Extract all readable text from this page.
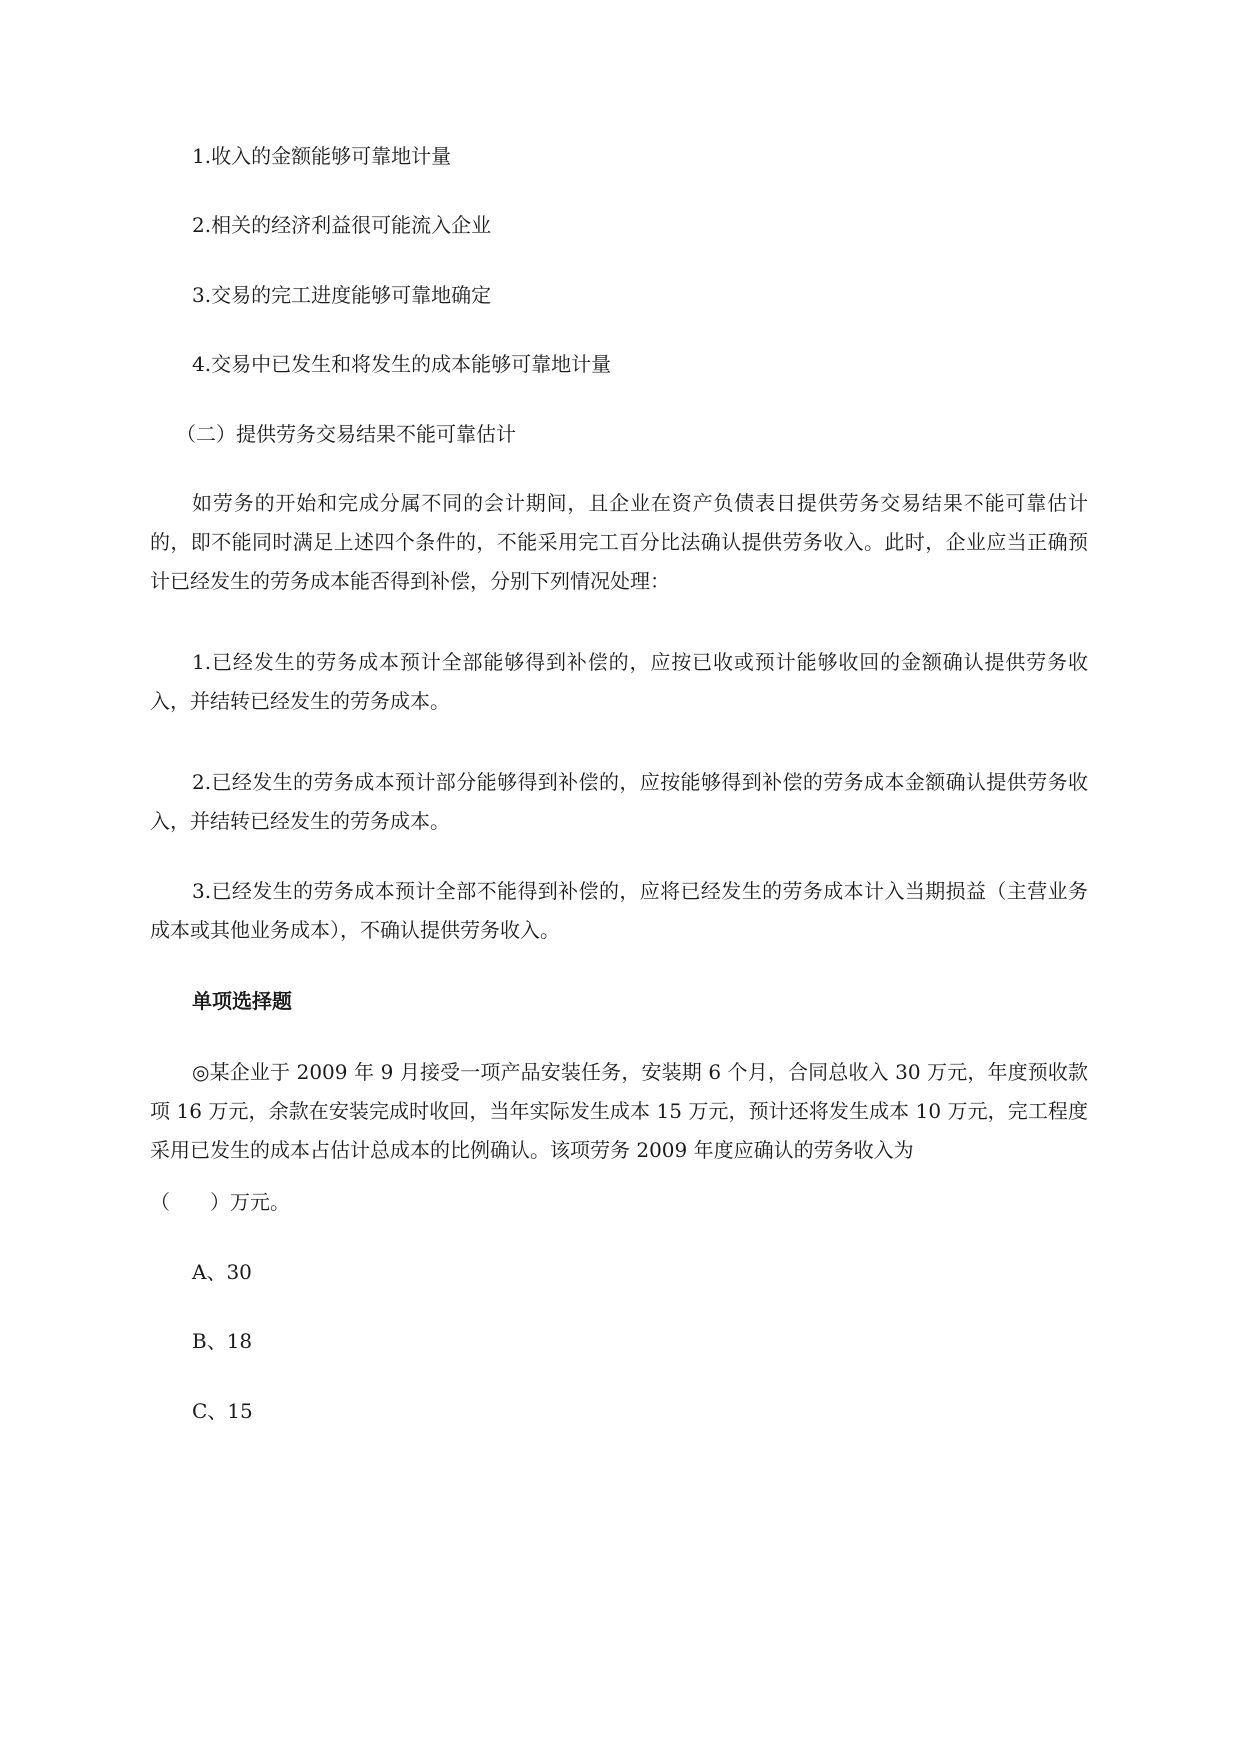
1.收入的金额能够可靠地计量
2.相关的经济利益很可能流入企业
3.交易的完工进度能够可靠地确定
4.交易中已发生和将发生的成本能够可靠地计量
（二）提供劳务交易结果不能可靠估计
如劳务的开始和完成分属不同的会计期间，且企业在资产负债表日提供劳务交易结果不能可靠估计的，即不能同时满足上述四个条件的，不能采用完工百分比法确认提供劳务收入。此时，企业应当正确预计已经发生的劳务成本能否得到补偿，分别下列情况处理：
1.已经发生的劳务成本预计全部能够得到补偿的，应按已收或预计能够收回的金额确认提供劳务收入，并结转已经发生的劳务成本。
2.已经发生的劳务成本预计部分能够得到补偿的，应按能够得到补偿的劳务成本金额确认提供劳务收入，并结转已经发生的劳务成本。
3.已经发生的劳务成本预计全部不能得到补偿的，应将已经发生的劳务成本计入当期损益（主营业务成本或其他业务成本），不确认提供劳务收入。
单项选择题
◎某企业于 2009 年 9 月接受一项产品安装任务，安装期 6 个月，合同总收入 30 万元，年度预收款项 16 万元，余款在安装完成时收回，当年实际发生成本 15 万元，预计还将发生成本 10 万元，完工程度采用已发生的成本占估计总成本的比例确认。该项劳务 2009 年度应确认的劳务收入为
（　　）万元。
A、30
B、18
C、15
